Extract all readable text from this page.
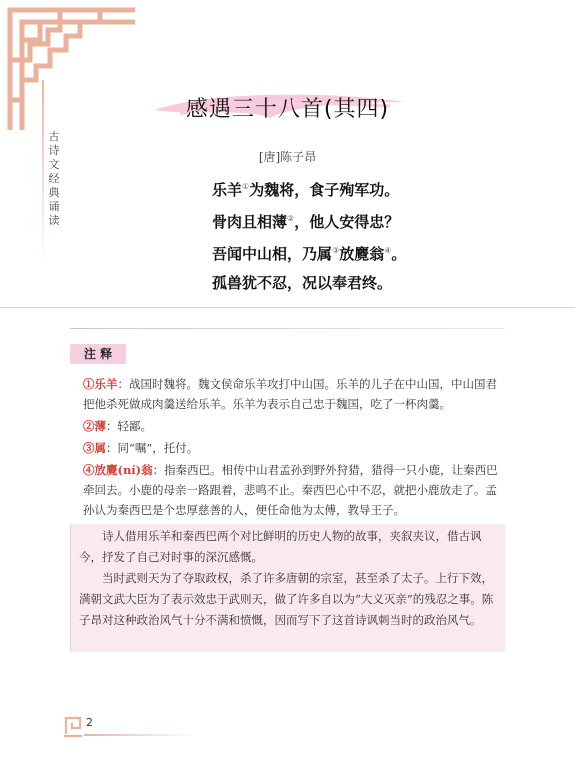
古诗文经典诵读
感遇三十八首(其四)
[唐]陈子昂
乐羊①为魏将，食子殉军功。
骨肉且相薄②，他人安得忠？
吾闻中山相，乃属③放麑翁④。
孤兽犹不忍，况以奉君终。
注 释

①乐羊：战国时魏将。魏文侯命乐羊攻打中山国。乐羊的儿子在中山国，中山国君把他杀死做成肉羹送给乐羊。乐羊为表示自己忠于魏国，吃了一杯肉羹。

②薄：轻鄙。

③属：同“嘱”，托付。

④放麑(ní)翁：指秦西巴。相传中山君孟孙到野外狩猎，猎得一只小鹿，让秦西巴牵回去。小鹿的母亲一路跟着，悲鸣不止。秦西巴心中不忍，就把小鹿放走了。孟孙认为秦西巴是个忠厚慈善的人，便任命他为太傅，教导王子。

诗人借用乐羊和秦西巴两个对比鲜明的历史人物的故事，夹叙夹议，借古讽今，抒发了自己对时事的深沉感慨。

当时武则天为了夺取政权，杀了许多唐朝的宗室，甚至杀了太子。上行下效，满朝文武大臣为了表示效忠于武则天，做了许多自以为“大义灭亲”的残忍之事。陈子昂对这种政治风气十分不满和愤慨，因而写下了这首诗讽刺当时的政治风气。

2
